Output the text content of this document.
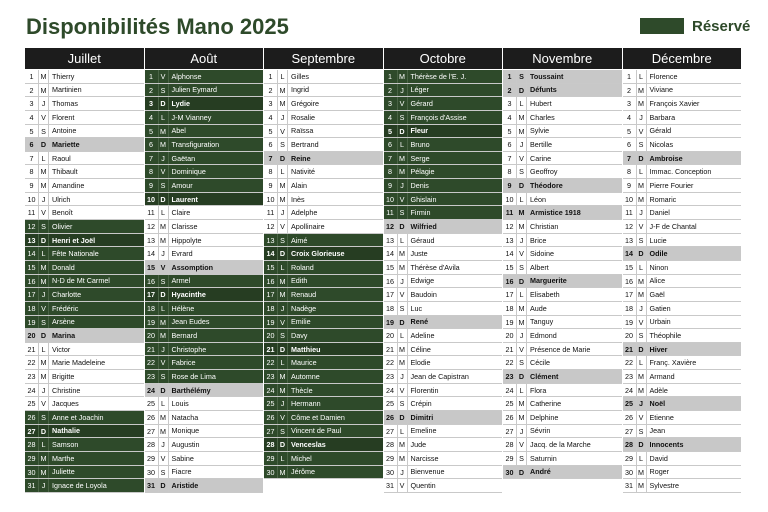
Disponibilités Mano 2025	Réservé
Juillet
1 M Thierry
2 M Martinien
3	J Thomas
4	V Florent
5	S Antoine
6	D Mariette
7	L Raoul
8 M Thibault
9 M Amandine
10 J Ulrich
11 V Benoît
12 S Olivier
13 D Henri et Joël
14 L Fête Nationale
15 M Donald
16 M N-D de Mt Carmel
17 J Charlotte
18 V Frédéric
19 S Arsène
20 D Marina
21 L Victor
22 M Marie Madeleine
23 M Brigitte
24 J Christine
25 V Jacques
26 S Anne et Joachin
27 D Nathalie
28 L Samson
29 M Marthe
30 M Juliette
31 J Ignace de Loyola
Août
1	V Alphonse
2	S Julien Eymard
3	D Lydie
4	L J-M Vianney
5 M Abel
6 M Transfiguration
7	J Gaëtan
8	V Dominique
9	S Amour
10 D Laurent
11 L Claire
12 M Clarisse
13 M Hippolyte
14 J Evrard
15 V Assomption
16 S Armel
17 D Hyacinthe
18 L Hélène
19 M Jean Eudes
20 M Bernard
21 J Christophe
22 V Fabrice
23 S Rose de Lima
24 D Barthélémy
25 L Louis
26 M Natacha
27 M Monique
28 J Augustin
29 V Sabine
30 S Fiacre
31 D Aristide
Septembre
1	L Gilles
2 M Ingrid
3 M Grégoire
4	J Rosalie
5	V Raïssa
6	S Bertrand
7	D Reine
8	L Nativité
9 M Alain
10 M Inès
11 J Adelphe
12 V Apollinaire
13 S Aimé
14 D Croix Glorieuse
15 L Roland
16 M Edith
17 M Renaud
18 J Nadège
19 V Emilie
20 S Davy
21 D Matthieu
22 L Maurice
23 M Automne
24 M Thècle
25 J Hermann
26 V Côme et Damien
27 S Vincent de Paul
28 D Venceslas
29 L Michel
30 M Jérôme
Octobre
1 M Thérèse de l'E. J.
2	J Léger
3	V Gérard
4	S François d'Assise
5	D Fleur
6	L Bruno
7 M Serge
8 M Pélagie
9	J Denis
10 V Ghislain
11 S Firmin
12 D Wilfried
13 L Géraud
14 M Juste
15 M Thérèse d'Avila
16 J Edwige
17 V Baudoin
18 S Luc
19 D René
20 L Adeline
21 M Céline
22 M Elodie
23 J Jean de Capistran
24 V Florentin
25 S Crépin
26 D Dimitri
27 L Emeline
28 M Jude
29 M Narcisse
30 J Bienvenue
31 V Quentin
Novembre
1	S Toussaint
2	D Défunts
3	L Hubert
4 M Charles
5 M Sylvie
6	J Bertille
7	V Carine
8	S Geoffroy
9	D Théodore
10 L Léon
11 M Armistice 1918
12 M Christian
13 J Brice
14 V Sidoine
15 S Albert
16 D Marguerite
17 L Elisabeth
18 M Aude
19 M Tanguy
20 J Edmond
21 V Présence de Marie
22 S Cécile
23 D Clément
24 L Flora
25 M Catherine
26 M Delphine
27 J Sévrin
28 V Jacq. de la Marche
29 S Saturnin
30 D André
Décembre
1	L Florence
2 M Viviane
3 M François Xavier
4	J Barbara
5	V Gérald
6	S Nicolas
7	D Ambroise
8	L Immac. Conception
9 M Pierre Fourier
10 M Romaric
11 J Daniel
12 V J-F de Chantal
13 S Lucie
14 D Odile
15 L Ninon
16 M Alice
17 M Gaël
18 J Gatien
19 V Urbain
20 S Théophile
21 D Hiver
22 L Franç. Xavière
23 M Armand
24 M Adèle
25 J Noël
26 V Etienne
27 S Jean
28 D Innocents
29 L David
30 M Roger
31 M Sylvestre
